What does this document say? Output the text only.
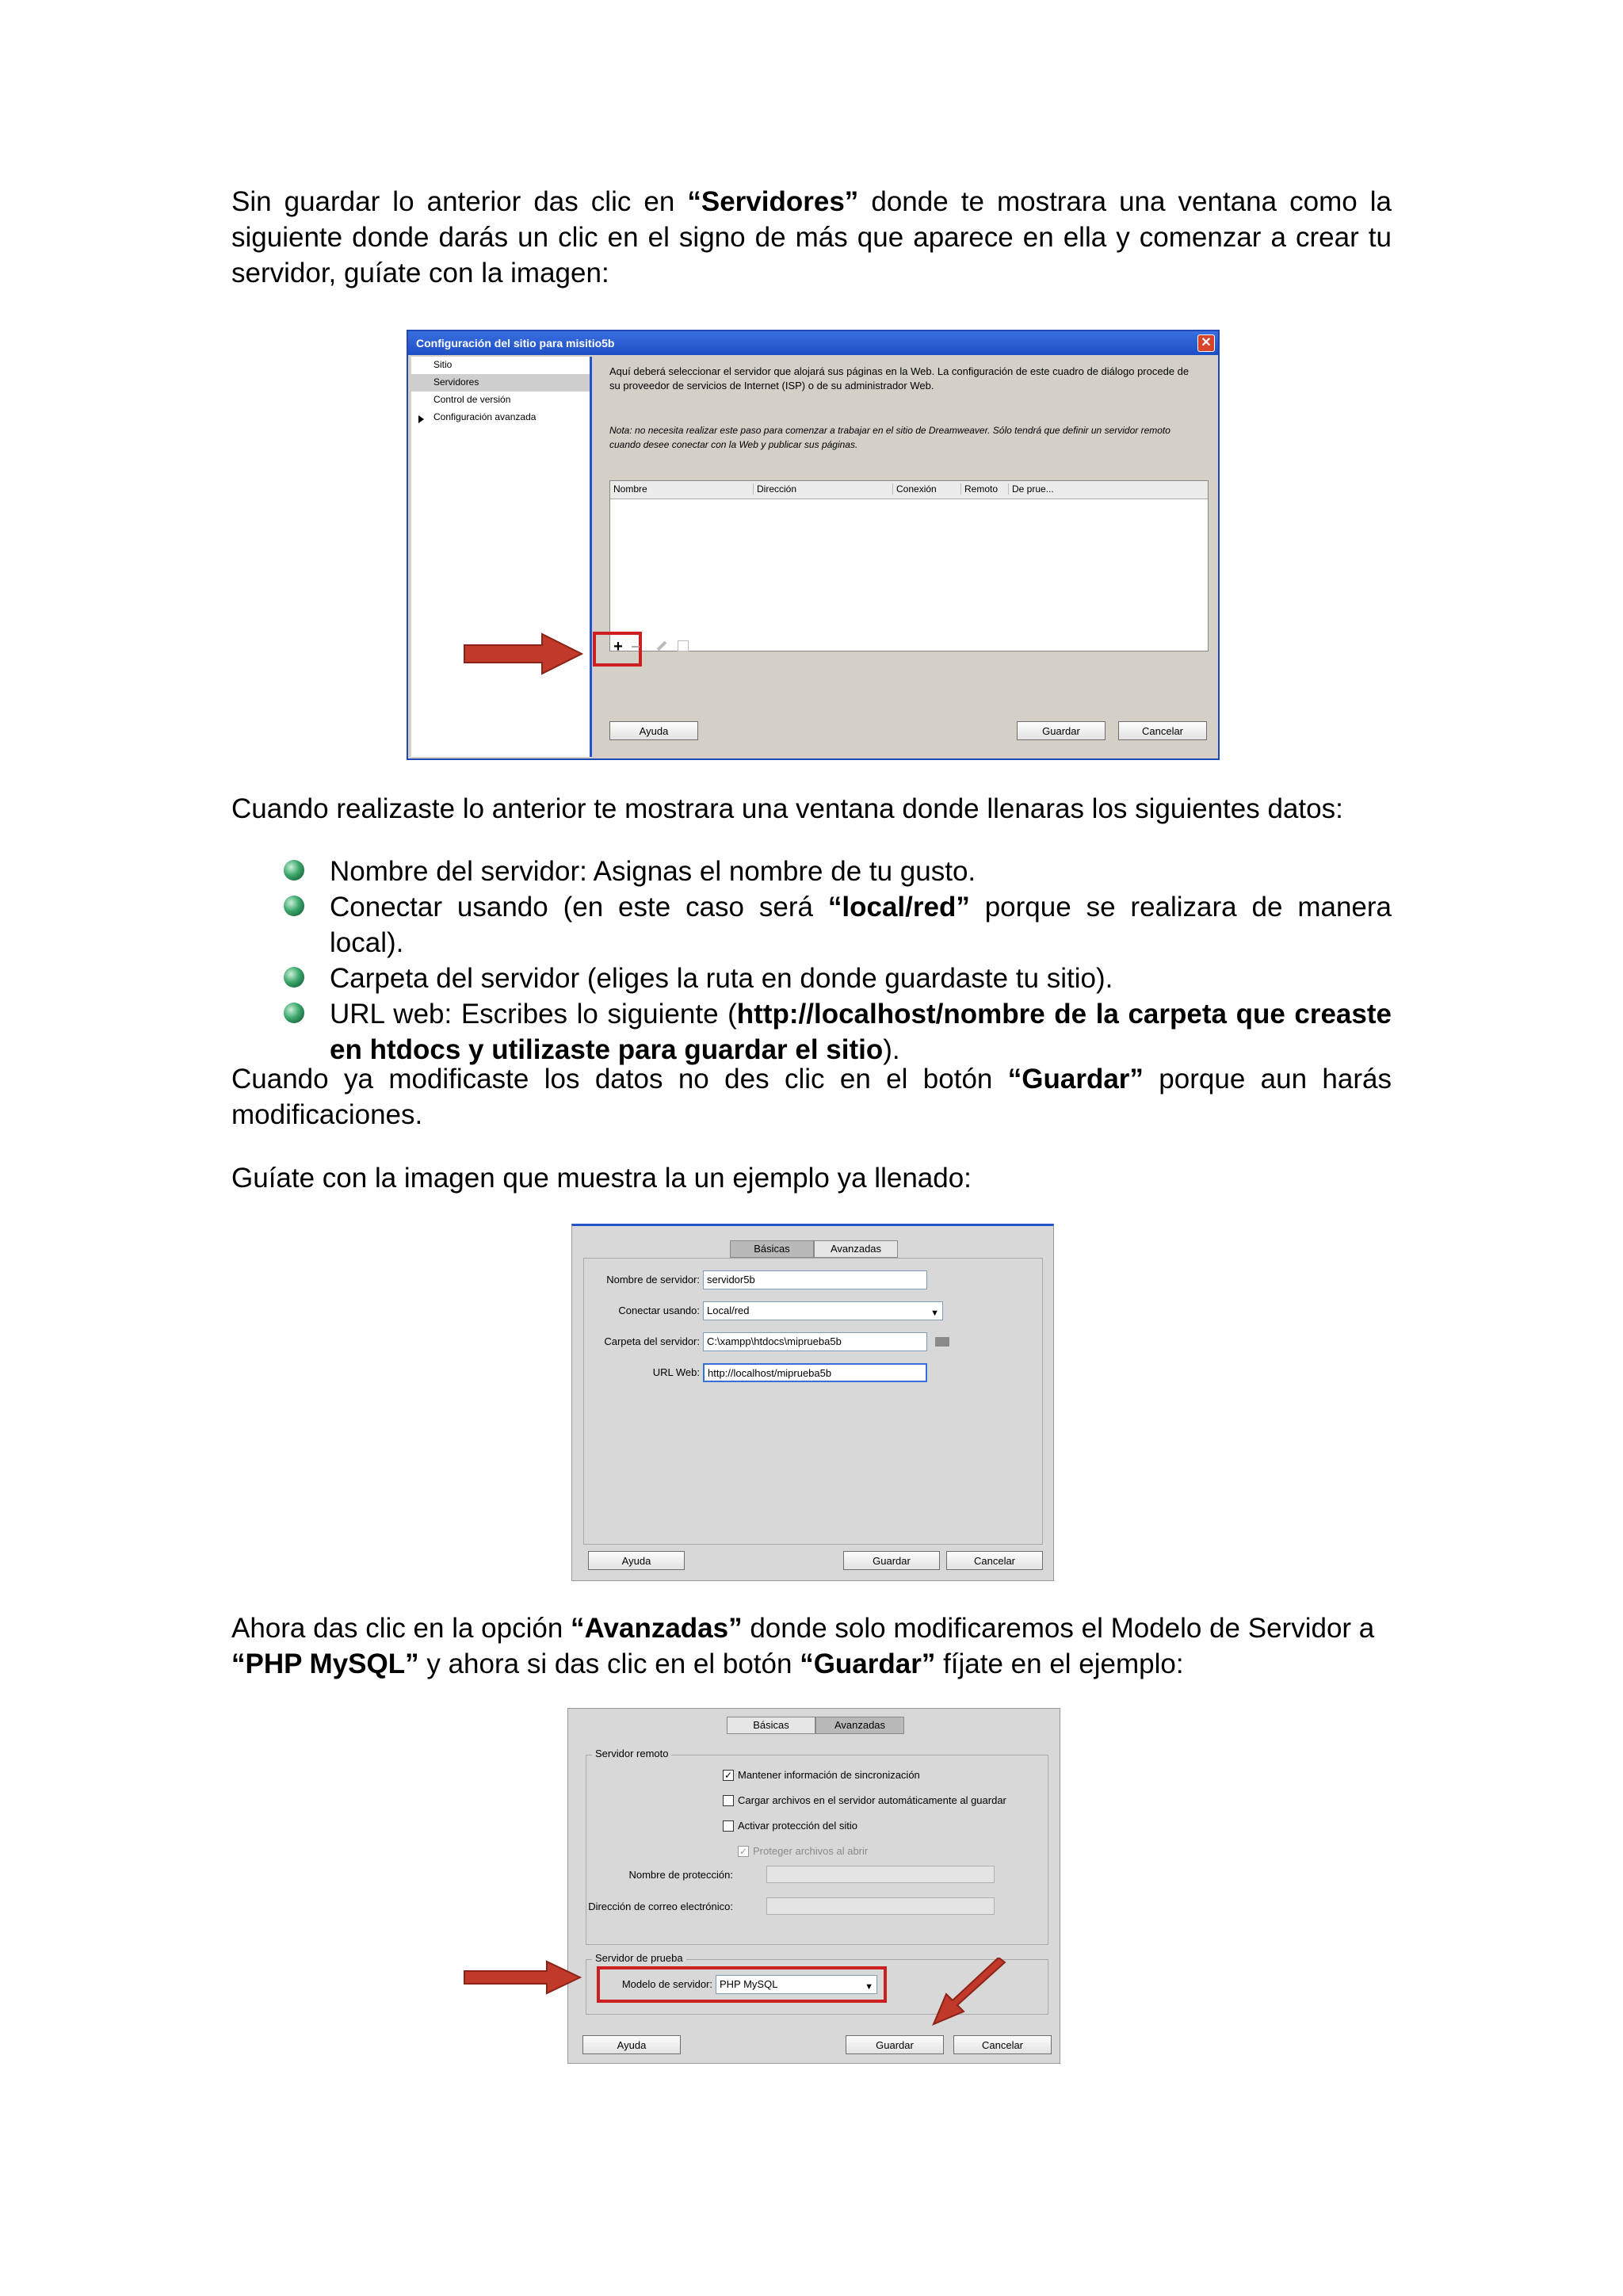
Sin guardar lo anterior das clic en “Servidores” donde te mostrara una ventana como la siguiente donde darás un clic en el signo de más que aparece en ella y comenzar a crear tu servidor, guíate con la imagen:

Configuración del sitio para misitio5b	✕
Sitio
Servidores
Control de versión
Configuración avanzada
Aquí deberá seleccionar el servidor que alojará sus páginas en la Web. La configuración de este cuadro de diálogo procede de su proveedor de servicios de Internet (ISP) o de su administrador Web.
Nota: no necesita realizar este paso para comenzar a trabajar en el sitio de Dreamweaver. Sólo tendrá que definir un servidor remoto cuando desee conectar con la Web y publicar sus páginas.
Nombre	Dirección	Conexión	Remoto	De prue...
+
Ayuda	Guardar	Cancelar

Cuando realizaste lo anterior te mostrara una ventana donde llenaras los siguientes datos:

Nombre del servidor: Asignas el nombre de tu gusto.
Conectar usando (en este caso será “local/red” porque se realizara de manera local).
Carpeta del servidor (eliges la ruta en donde guardaste tu sitio).
URL web: Escribes lo siguiente (http://localhost/nombre de la carpeta que creaste en htdocs y utilizaste para guardar el sitio).

Cuando ya modificaste los datos no des clic en el botón “Guardar” porque aun harás modificaciones.

Guíate con la imagen que muestra la un ejemplo ya llenado:

Básicas	Avanzadas
Nombre de servidor: servidor5b
Conectar usando: Local/red	▼
Carpeta del servidor: C:\xampp\htdocs\miprueba5b
URL Web: http://localhost/miprueba5b
Ayuda	Guardar	Cancelar

Ahora das clic en la opción “Avanzadas” donde solo modificaremos el Modelo de Servidor a “PHP MySQL” y ahora si das clic en el botón “Guardar” fíjate en el ejemplo:

Básicas	Avanzadas
Servidor remoto
✓ Mantener información de sincronización
Cargar archivos en el servidor automáticamente al guardar
Activar protección del sitio
✓ Proteger archivos al abrir
Nombre de protección:
Dirección de correo electrónico:
Servidor de prueba
Modelo de servidor: PHP MySQL	▼
Ayuda	Guardar	Cancelar
